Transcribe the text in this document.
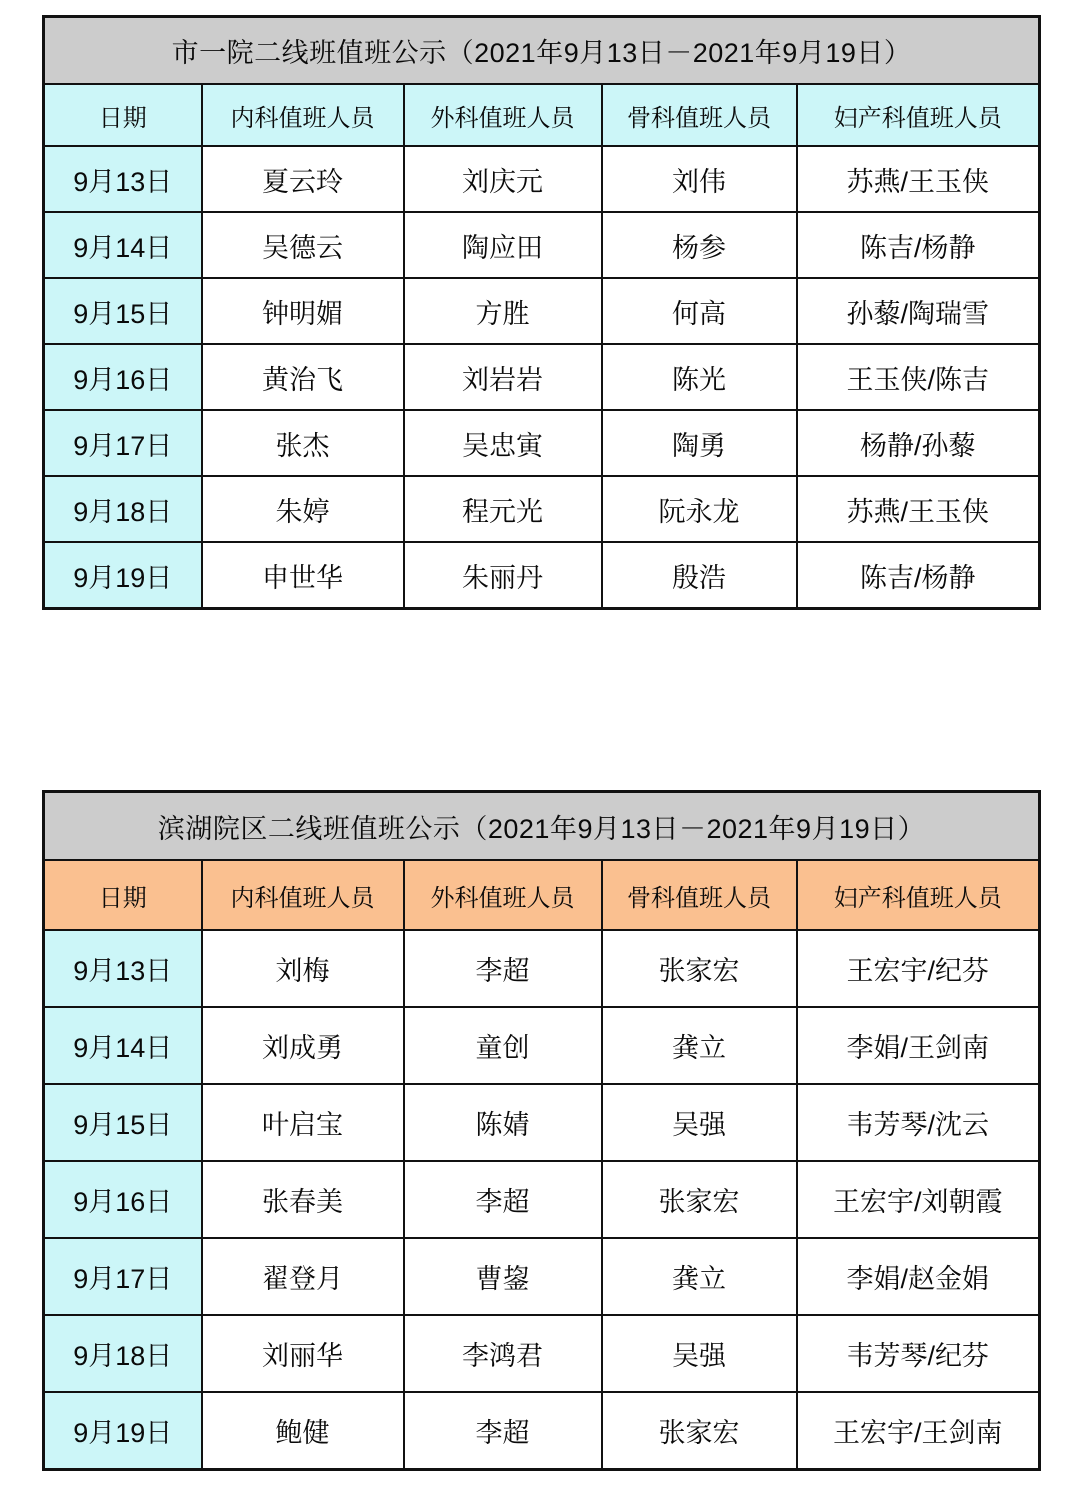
市一院二线班值班公示（2021年9月13日－2021年9月19日）				
日期	内科值班人员	外科值班人员	骨科值班人员	妇产科值班人员
9月13日	夏云玲	刘庆元	刘伟	苏燕/王玉侠
9月14日	吴德云	陶应田	杨参	陈吉/杨静
9月15日	钟明媚	方胜	何高	孙藜/陶瑞雪
9月16日	黄治飞	刘岩岩	陈光	王玉侠/陈吉
9月17日	张杰	吴忠寅	陶勇	杨静/孙藜
9月18日	朱婷	程元光	阮永龙	苏燕/王玉侠
9月19日	申世华	朱丽丹	殷浩	陈吉/杨静
滨湖院区二线班值班公示（2021年9月13日－2021年9月19日）				
日期	内科值班人员	外科值班人员	骨科值班人员	妇产科值班人员
9月13日	刘梅	李超	张家宏	王宏宇/纪芬
9月14日	刘成勇	童创	龚立	李娟/王剑南
9月15日	叶启宝	陈婧	吴强	韦芳琴/沈云
9月16日	张春美	李超	张家宏	王宏宇/刘朝霞
9月17日	翟登月	曹鋆	龚立	李娟/赵金娟
9月18日	刘丽华	李鸿君	吴强	韦芳琴/纪芬
9月19日	鲍健	李超	张家宏	王宏宇/王剑南
